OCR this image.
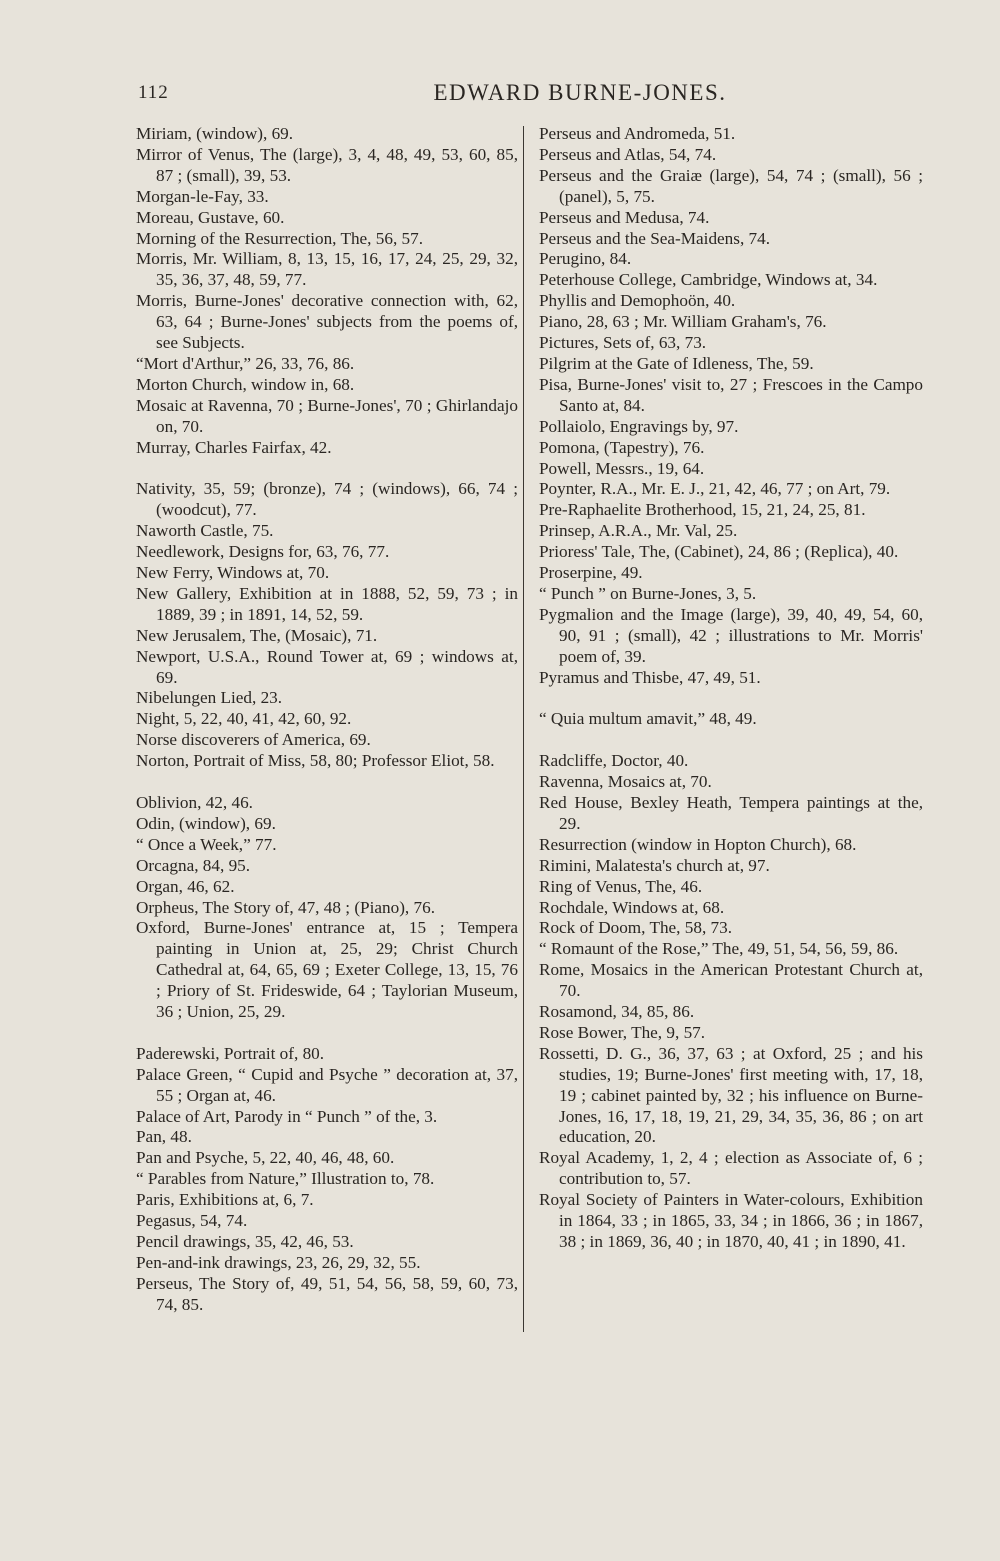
112	EDWARD BURNE-JONES.

Miriam, (window), 69.

Mirror of Venus, The (large), 3, 4, 48, 49, 53, 60, 85, 87 ; (small), 39, 53.

Morgan-le-Fay, 33.

Moreau, Gustave, 60.

Morning of the Resurrection, The, 56, 57.

Morris, Mr. William, 8, 13, 15, 16, 17, 24, 25, 29, 32, 35, 36, 37, 48, 59, 77.

Morris, Burne-Jones' decorative connection with, 62, 63, 64 ; Burne-Jones' subjects from the poems of, see Subjects.

“Mort d'Arthur,” 26, 33, 76, 86.

Morton Church, window in, 68.

Mosaic at Ravenna, 70 ; Burne-Jones', 70 ; Ghirlandajo on, 70.

Murray, Charles Fairfax, 42.

Nativity, 35, 59; (bronze), 74 ; (windows), 66, 74 ; (woodcut), 77.

Naworth Castle, 75.

Needlework, Designs for, 63, 76, 77.

New Ferry, Windows at, 70.

New Gallery, Exhibition at in 1888, 52, 59, 73 ; in 1889, 39 ; in 1891, 14, 52, 59.

New Jerusalem, The, (Mosaic), 71.

Newport, U.S.A., Round Tower at, 69 ; windows at, 69.

Nibelungen Lied, 23.

Night, 5, 22, 40, 41, 42, 60, 92.

Norse discoverers of America, 69.

Norton, Portrait of Miss, 58, 80; Professor Eliot, 58.

Oblivion, 42, 46.

Odin, (window), 69.

“ Once a Week,” 77.

Orcagna, 84, 95.

Organ, 46, 62.

Orpheus, The Story of, 47, 48 ; (Piano), 76.

Oxford, Burne-Jones' entrance at, 15 ; Tempera painting in Union at, 25, 29; Christ Church Cathedral at, 64, 65, 69 ; Exeter College, 13, 15, 76 ; Priory of St. Frideswide, 64 ; Taylorian Museum, 36 ; Union, 25, 29.

Paderewski, Portrait of, 80.

Palace Green, “ Cupid and Psyche ” decoration at, 37, 55 ; Organ at, 46.

Palace of Art, Parody in “ Punch ” of the, 3.

Pan, 48.

Pan and Psyche, 5, 22, 40, 46, 48, 60.

“ Parables from Nature,” Illustration to, 78.

Paris, Exhibitions at, 6, 7.

Pegasus, 54, 74.

Pencil drawings, 35, 42, 46, 53.

Pen-and-ink drawings, 23, 26, 29, 32, 55.

Perseus, The Story of, 49, 51, 54, 56, 58, 59, 60, 73, 74, 85.

Perseus and Andromeda, 51.

Perseus and Atlas, 54, 74.

Perseus and the Graiæ (large), 54, 74 ; (small), 56 ; (panel), 5, 75.

Perseus and Medusa, 74.

Perseus and the Sea-Maidens, 74.

Perugino, 84.

Peterhouse College, Cambridge, Windows at, 34.

Phyllis and Demophoön, 40.

Piano, 28, 63 ; Mr. William Graham's, 76.

Pictures, Sets of, 63, 73.

Pilgrim at the Gate of Idleness, The, 59.

Pisa, Burne-Jones' visit to, 27 ; Frescoes in the Campo Santo at, 84.

Pollaiolo, Engravings by, 97.

Pomona, (Tapestry), 76.

Powell, Messrs., 19, 64.

Poynter, R.A., Mr. E. J., 21, 42, 46, 77 ; on Art, 79.

Pre-Raphaelite Brotherhood, 15, 21, 24, 25, 81.

Prinsep, A.R.A., Mr. Val, 25.

Prioress' Tale, The, (Cabinet), 24, 86 ; (Replica), 40.

Proserpine, 49.

“ Punch ” on Burne-Jones, 3, 5.

Pygmalion and the Image (large), 39, 40, 49, 54, 60, 90, 91 ; (small), 42 ; illustrations to Mr. Morris' poem of, 39.

Pyramus and Thisbe, 47, 49, 51.

“ Quia multum amavit,” 48, 49.

Radcliffe, Doctor, 40.

Ravenna, Mosaics at, 70.

Red House, Bexley Heath, Tempera paintings at the, 29.

Resurrection (window in Hopton Church), 68.

Rimini, Malatesta's church at, 97.

Ring of Venus, The, 46.

Rochdale, Windows at, 68.

Rock of Doom, The, 58, 73.

“ Romaunt of the Rose,” The, 49, 51, 54, 56, 59, 86.

Rome, Mosaics in the American Protestant Church at, 70.

Rosamond, 34, 85, 86.

Rose Bower, The, 9, 57.

Rossetti, D. G., 36, 37, 63 ; at Oxford, 25 ; and his studies, 19; Burne-Jones' first meeting with, 17, 18, 19 ; cabinet painted by, 32 ; his influence on Burne-Jones, 16, 17, 18, 19, 21, 29, 34, 35, 36, 86 ; on art education, 20.

Royal Academy, 1, 2, 4 ; election as Associate of, 6 ; contribution to, 57.

Royal Society of Painters in Water-colours, Exhibition in 1864, 33 ; in 1865, 33, 34 ; in 1866, 36 ; in 1867, 38 ; in 1869, 36, 40 ; in 1870, 40, 41 ; in 1890, 41.
